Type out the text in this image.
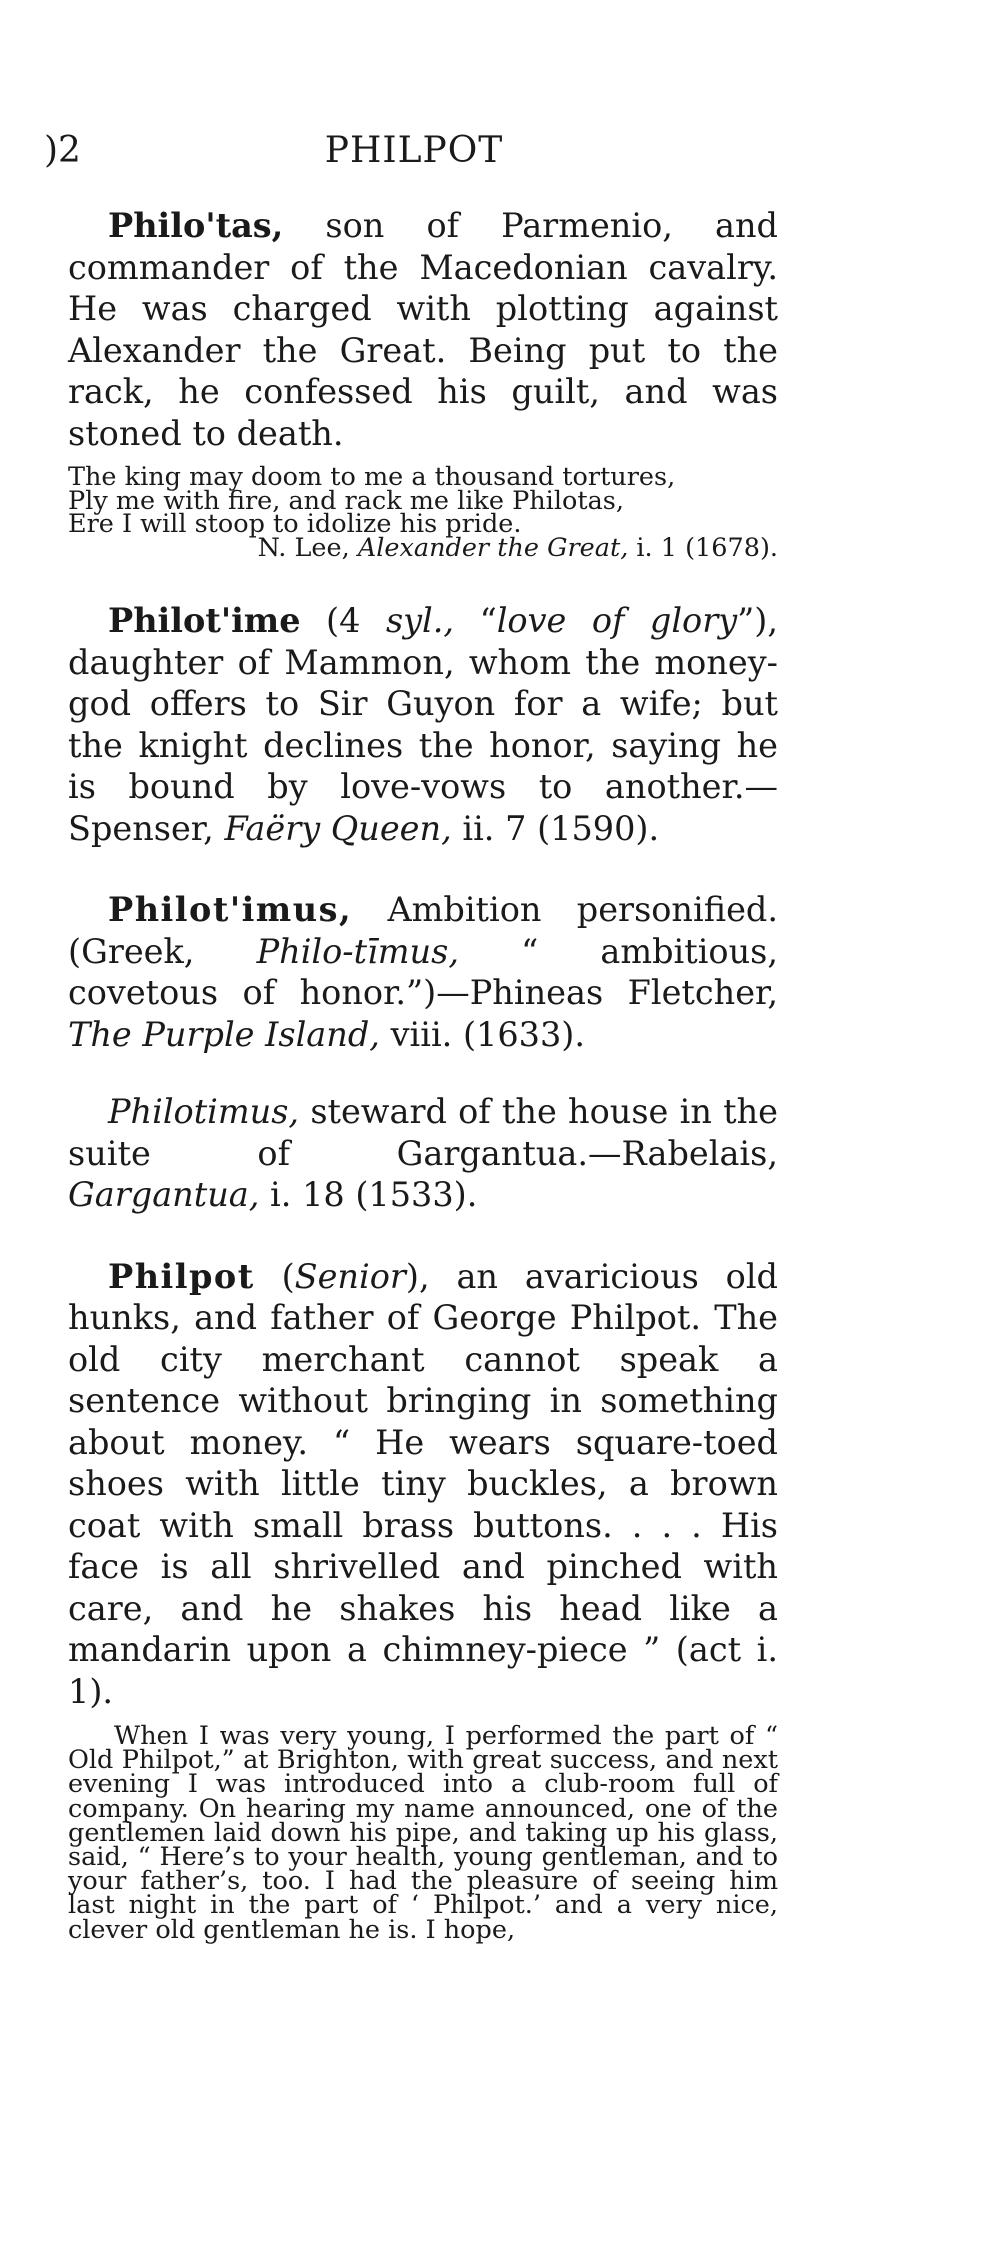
)2	PHILPOT

Philo'tas, son of Parmenio, and commander of the Macedonian cavalry. He was charged with plotting against Alexander the Great. Being put to the rack, he confessed his guilt, and was stoned to death.

The king may doom to me a thousand tortures,
Ply me with fire, and rack me like Philotas,
Ere I will stoop to idolize his pride.
N. Lee, Alexander the Great, i. 1 (1678).

Philot'ime (4 syl., “love of glory”), daughter of Mammon, whom the money-god offers to Sir Guyon for a wife; but the knight declines the honor, saying he is bound by love-vows to another.—Spenser, Faëry Queen, ii. 7 (1590).

Philot'imus, Ambition personified. (Greek, Philo-tīmus, “ ambitious, covetous of honor.”)—Phineas Fletcher, The Purple Island, viii. (1633).

Philotimus, steward of the house in the suite of Gargantua.—Rabelais, Gargantua, i. 18 (1533).

Philpot (Senior), an avaricious old hunks, and father of George Philpot. The old city merchant cannot speak a sentence without bringing in something about money. “ He wears square-toed shoes with little tiny buckles, a brown coat with small brass buttons. . . . His face is all shrivelled and pinched with care, and he shakes his head like a mandarin upon a chimney-piece ” (act i. 1).

When I was very young, I performed the part of “ Old Philpot,” at Brighton, with great success, and next evening I was introduced into a club-room full of company. On hearing my name announced, one of the gentlemen laid down his pipe, and taking up his glass, said, “ Here’s to your health, young gentleman, and to your father’s, too. I had the pleasure of seeing him last night in the part of ‘ Philpot.’ and a very nice, clever old gentleman he is. I hope,
